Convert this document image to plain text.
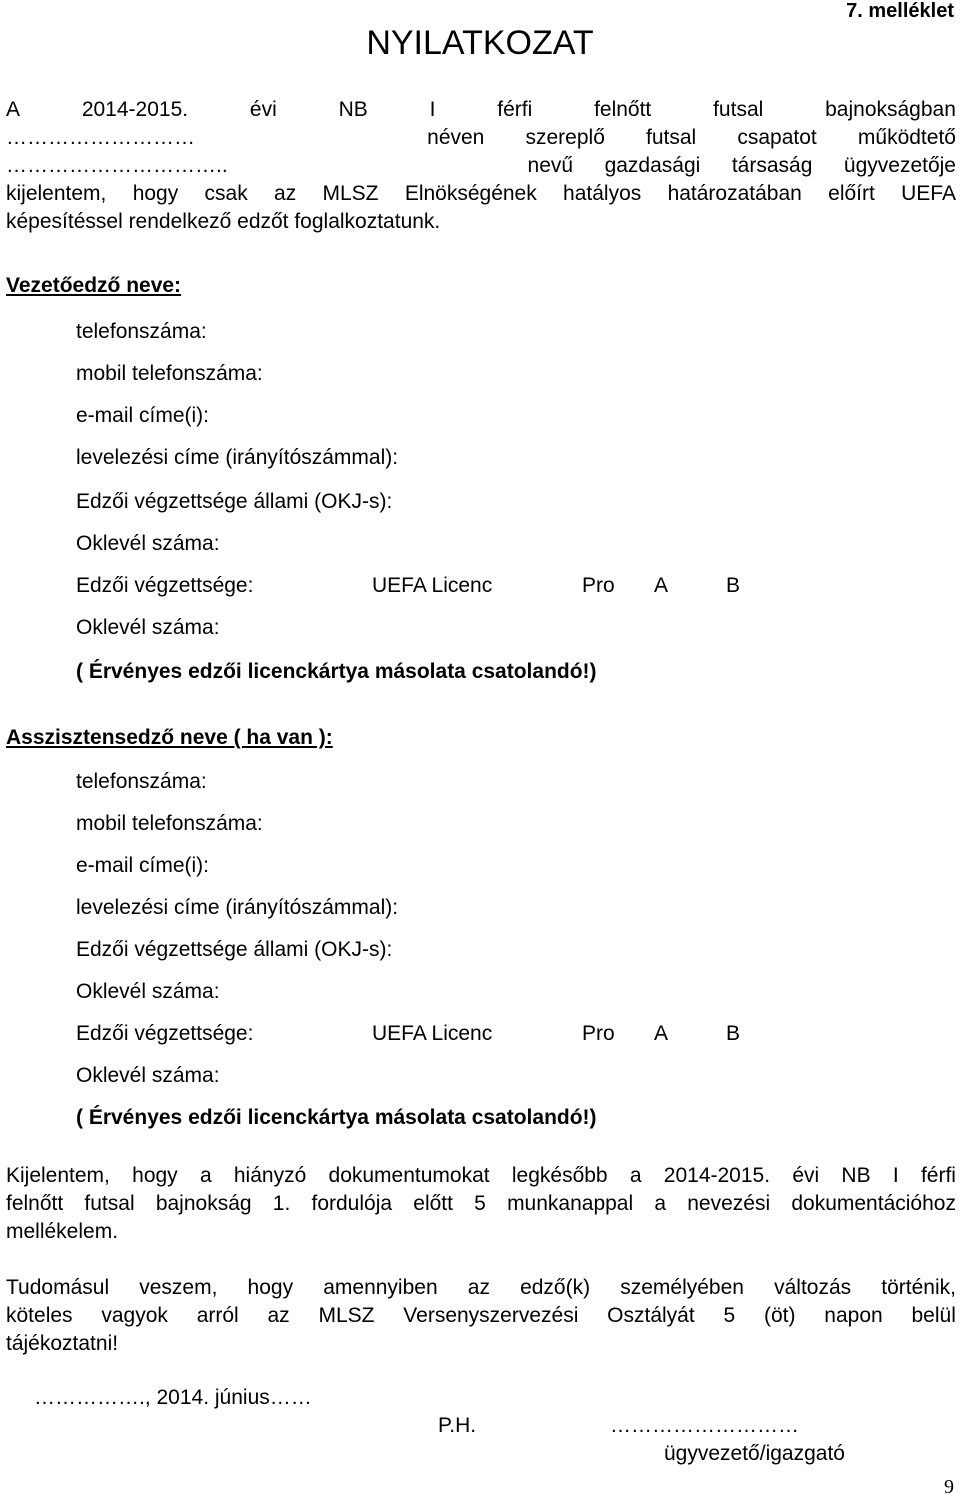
7. melléklet
NYILATKOZAT
A	2014-2015.	évi	NB	I	férfi	felnőtt	futsal	bajnokságban
………………………	néven szereplő futsal csapatot működtető
…………………………..	nevű gazdasági társaság ügyvezetője
kijelentem, hogy csak az MLSZ Elnökségének hatályos határozatában előírt UEFA
képesítéssel rendelkező edzőt foglalkoztatunk.
Vezetőedző neve:
telefonszáma:
mobil telefonszáma:
e-mail címe(i):
levelezési címe (irányítószámmal):
Edzői végzettsége állami (OKJ-s):
Oklevél száma:
Edzői végzettsége:	UEFA Licenc	Pro A	B
Oklevél száma:
( Érvényes edzői licenckártya másolata csatolandó!)
Asszisztensedző neve ( ha van ):
telefonszáma:
mobil telefonszáma:
e-mail címe(i):
levelezési címe (irányítószámmal):
Edzői végzettsége állami (OKJ-s):
Oklevél száma:
Edzői végzettsége:	UEFA Licenc	Pro A	B
Oklevél száma:
( Érvényes edzői licenckártya másolata csatolandó!)
Kijelentem, hogy a hiányzó dokumentumokat legkésőbb a 2014-2015. évi NB I férfi
felnőtt futsal bajnokság 1. fordulója előtt 5 munkanappal a nevezési dokumentációhoz
mellékelem.
Tudomásul veszem, hogy amennyiben az edző(k) személyében változás történik,
köteles vagyok arról az MLSZ Versenyszervezési Osztályát 5 (öt) napon belül
tájékoztatni!
……………., 2014. június……
P.H.	………………………
ügyvezető/igazgató
9
